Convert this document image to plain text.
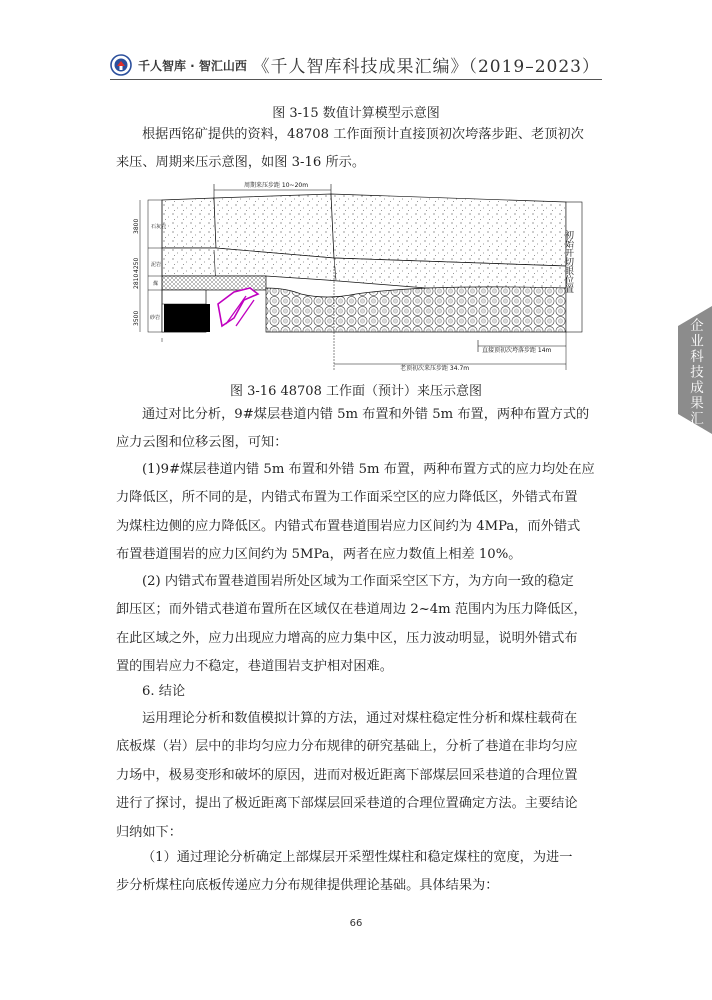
千人智库 · 智汇山西 《千人智库科技成果汇编》（2019–2023）
图 3-15 数值计算模型示意图
根据西铭矿提供的资料，48708 工作面预计直接顶初次垮落步距、老顶初次
来压、周期来压示意图，如图 3-16 所示。
周期来压步距 10~20m
石灰岩
泥岩
煤
砂岩
3800
4250
2810
3500
初始开切眼位置
直接顶初次垮落步距 14m
老顶初次来压步距 34.7m
图 3-16 48708 工作面（预计）来压示意图
通过对比分析，9#煤层巷道内错 5m 布置和外错 5m 布置，两种布置方式的
应力云图和位移云图，可知：
(1)9#煤层巷道内错 5m 布置和外错 5m 布置，两种布置方式的应力均处在应
力降低区，所不同的是，内错式布置为工作面采空区的应力降低区，外错式布置
为煤柱边侧的应力降低区。内错式布置巷道围岩应力区间约为 4MPa，而外错式
布置巷道围岩的应力区间约为 5MPa，两者在应力数值上相差 10%。
(2) 内错式布置巷道围岩所处区域为工作面采空区下方，为方向一致的稳定
卸压区；而外错式巷道布置所在区域仅在巷道周边 2~4m 范围内为压力降低区，
在此区域之外，应力出现应力增高的应力集中区，压力波动明显，说明外错式布
置的围岩应力不稳定，巷道围岩支护相对困难。
6. 结论
运用理论分析和数值模拟计算的方法，通过对煤柱稳定性分析和煤柱载荷在
底板煤（岩）层中的非均匀应力分布规律的研究基础上，分析了巷道在非均匀应
力场中，极易变形和破坏的原因，进而对极近距离下部煤层回采巷道的合理位置
进行了探讨，提出了极近距离下部煤层回采巷道的合理位置确定方法。主要结论
归纳如下：
（1）通过理论分析确定上部煤层开采塑性煤柱和稳定煤柱的宽度，为进一
步分析煤柱向底板传递应力分布规律提供理论基础。具体结果为：
企业科技成果汇编
66
